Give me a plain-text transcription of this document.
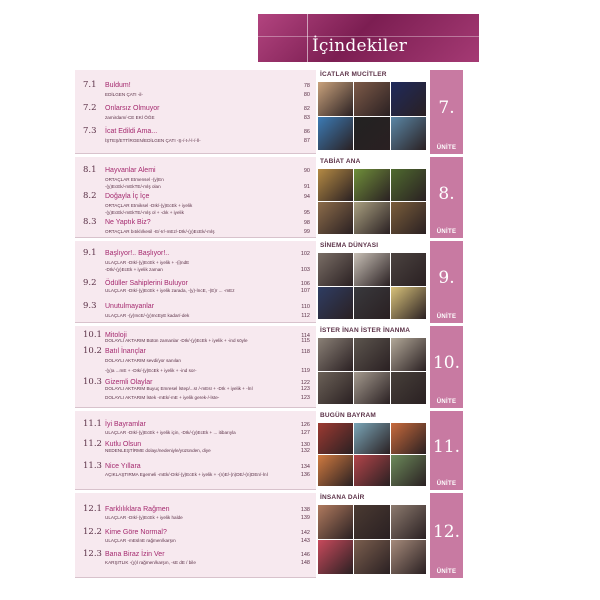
İçindekiler
7.1	Buldum!	78
EDİLGEN ÇATI -il-	80
7.2	Onlarsız Olmuyor	82
zamirdam/-CE EKİ ÖĞE	83
7.3	İcat Edildi Ama...	86
İŞTEŞ/ETTİRGEN/EDİLGEN ÇATI -Ş-/-t-/-l-/-İl-	87
İCATLAR MUCİTLER
7.
ÜNİTE
8.1	Hayvanlar Alemi	90
ORTAÇLAR Etmensel -(y)En
-(y)EcEk/-mEkTE/-mİş olan	91
8.2	Doğayla İç İçe	94
ORTAÇLAR Etmiksel -DIk/-(y)EcEk + iyelik
-(y)EcEk/-mEkTE/-mİş ol + -dık + iyelik	95
8.3	Ne Yaptık Biz?	98
ORTAÇLAR bıtıklı/kesil -E/-Ir/-mEz/-DIk/-(y)EcEk/-mİş	99
TABİAT ANA
8.
ÜNİTE
9.1	Başlıyor!.. Başlıyor!..	102
ULAÇLAR -DIk/-(y)EcEk + iyelik + -(i)ndE
-DIk/-(y)EcEk + iyelik zaman	103
9.2	Ödüller Sahiplerini Buluyor	106
ULAÇLAR -DIk/-(y)EcEk + iyelik zarada, -(y)-İncE, -(E)r ... -mEz	107
9.3	Unutulmayanlar	110
ULAÇLAR -(y)IncE/-(y)IncEyE kadar/-dek	112
SİNEMA DÜNYASI
9.
ÜNİTE
10.1 Mitoloji	114
DOLAYLI AKTARIM Bütün zamanlar -DIk/-(y)EcEk + iyelik + -ind söyle	115
10.2 Batıl İnançlar	118
DOLAYLI AKTARIM sevdi/yor sanılan
-(y)a ...mE + -DIk/-(y)EcEk + iyelik + -ind sor-	119
10.3 Gizemli Olaylar	122
DOLAYLI AKTARIM Buyuç Emresel İstep/...sI /-mEsI + -DIk + iyelik + -İnİ	123
DOLAYLI AKTARIM İstek -mEk/-mE + iyelik gerek-/-İste-	123
İSTER İNAN İSTER İNANMA
10.
ÜNİTE
11.1 İyi Bayramlar	126
ULAÇLAR -DIk/-(y)EcEk + iyelik için, -DIk/-(y)EcEk + ... itibarıyla	127
11.2 Kutlu Olsun	130
NEDENLEŞTİRME dolayı/nedeniyle/yüzünden, diye	132
11.3 Nice Yıllara	134
AÇIKLAŞTIRMA Egemeli -mEk/-DIk/-(y)EcEk + iyelik + -(n)E/-(n)DE/-(n)DEn/-İnİ	136
BUGÜN BAYRAM
11.
ÜNİTE
12.1 Farklılıklara Rağmen	138
ULAÇLAR -DIk/-(y)EcEk + iyelik halde	139
12.2 Kime Göre Normal?	142
ULAÇLAR -mEsİnE rağmen/karşın	143
12.3 Bana Biraz İzin Ver	146
KARŞITLIK -(y)İ rağmen/karşın, -sE dE / bile	148
İNSANA DAİR
12.
ÜNİTE
